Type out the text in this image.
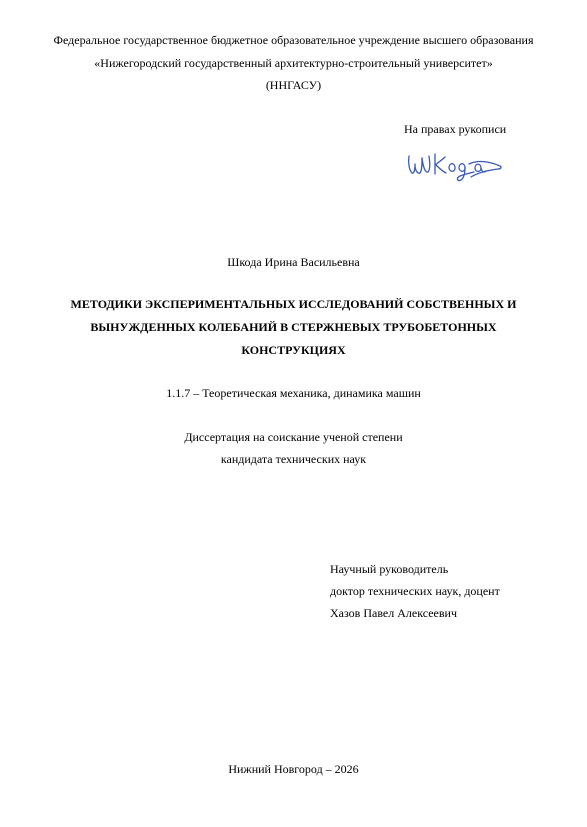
Федеральное государственное бюджетное образовательное учреждение высшего образования
«Нижегородский государственный архитектурно-строительный университет»
(ННГАСУ)
На правах рукописи
Шкода Ирина Васильевна
МЕТОДИКИ ЭКСПЕРИМЕНТАЛЬНЫХ ИССЛЕДОВАНИЙ СОБСТВЕННЫХ И
ВЫНУЖДЕННЫХ КОЛЕБАНИЙ В СТЕРЖНЕВЫХ ТРУБОБЕТОННЫХ
КОНСТРУКЦИЯХ
1.1.7 – Теоретическая механика, динамика машин
Диссертация на соискание ученой степени
кандидата технических наук
Научный руководитель
доктор технических наук, доцент
Хазов Павел Алексеевич
Нижний Новгород – 2026
